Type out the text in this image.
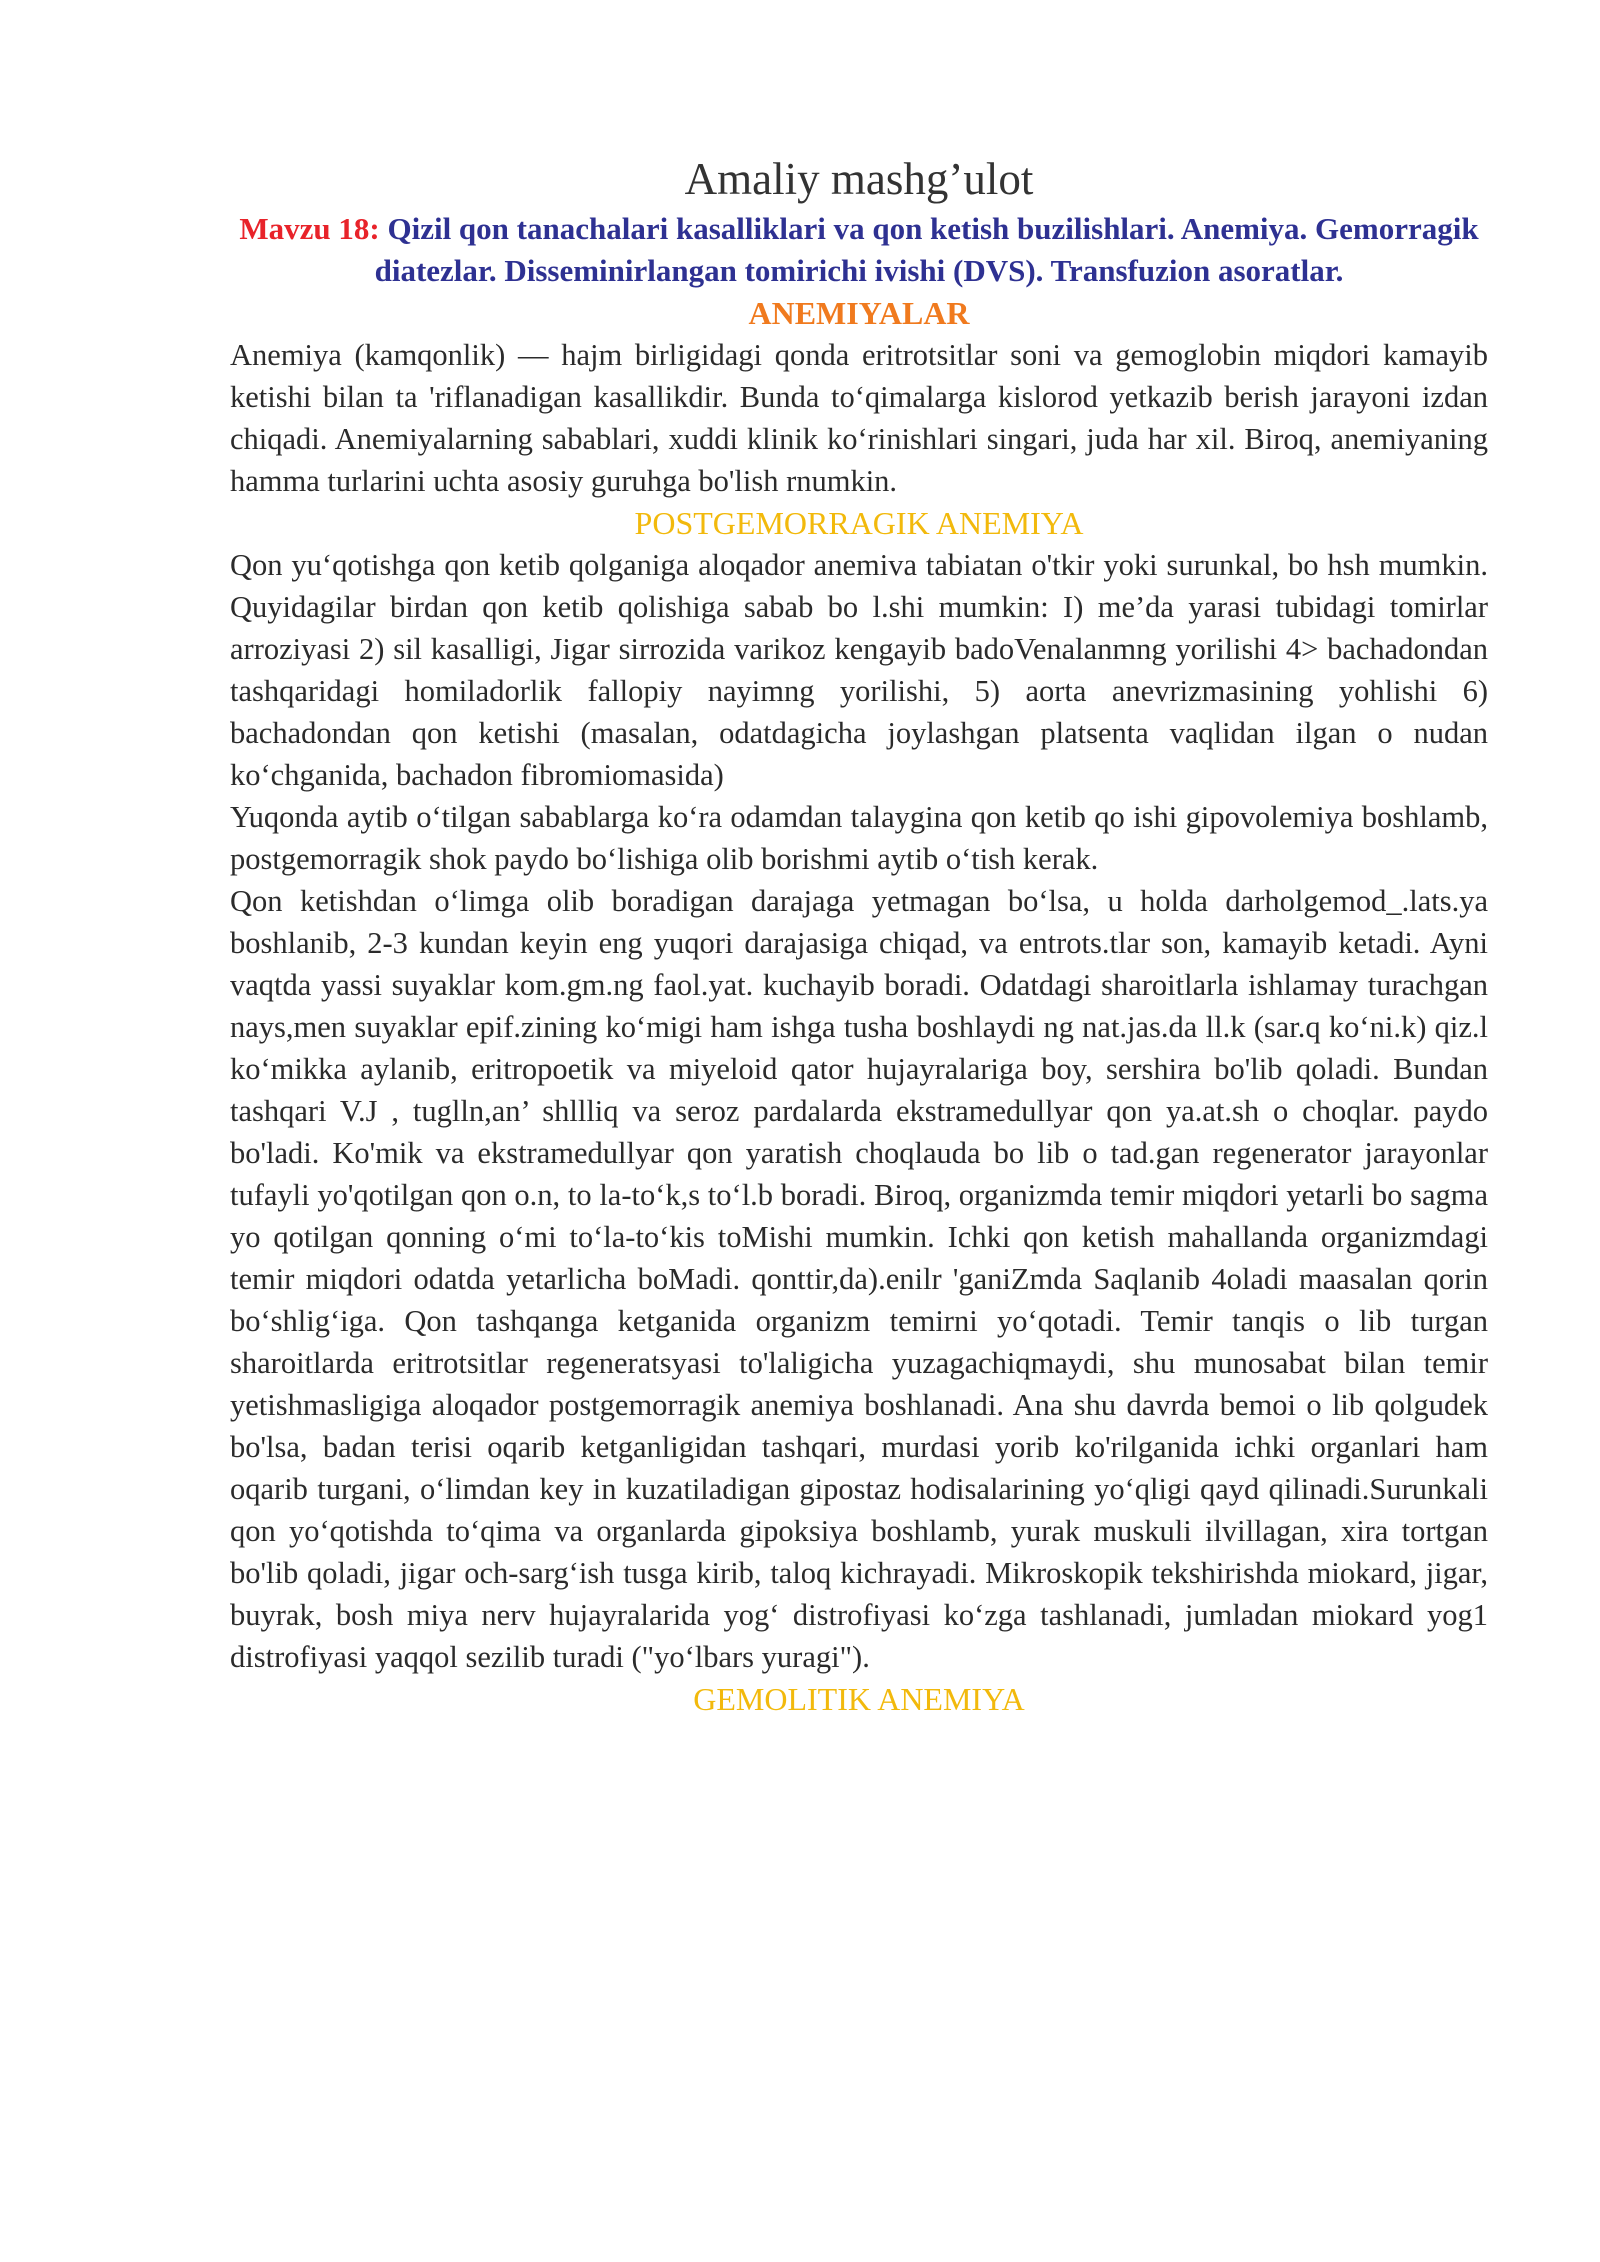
Amaliy mashg’ulot

Mavzu 18: Qizil qon tanachalari kasalliklari va qon ketish buzilishlari. Anemiya. Gemorragik diatezlar. Disseminirlangan tomirichi ivishi (DVS). Transfuzion asoratlar.

ANEMIYALAR

Anemiya (kamqonlik) — hajm birligidagi qonda eritrotsitlar soni va gemoglobin miqdori kamayib ketishi bilan ta 'riflanadigan kasallikdir. Bunda to‘qimalarga kislorod yetkazib berish jarayoni izdan chiqadi. Anemiyalarning sabablari, xuddi klinik ko‘rinishlari singari, juda har xil. Biroq, anemiyaning hamma turlarini uchta asosiy guruhga bo'lish rnumkin.

POSTGEMORRAGIK ANEMIYA

Qon yu‘qotishga qon ketib qolganiga aloqador anemiva tabiatan o'tkir yoki surunkal, bo hsh mumkin. Quyidagilar birdan qon ketib qolishiga sabab bo l.shi mumkin: I) me’da yarasi tubidagi tomirlar arroziyasi 2) sil kasalligi, Jigar sirrozida varikoz kengayib badoVenalanmng yorilishi 4> bachadondan tashqaridagi homiladorlik fallopiy nayimng yorilishi, 5) aorta anevrizmasining yohlishi 6) bachadondan qon ketishi (masalan, odatdagicha joylashgan platsenta vaqlidan ilgan o nudan ko‘chganida, bachadon fibromiomasida)

Yuqonda aytib o‘tilgan sabablarga ko‘ra odamdan talaygina qon ketib qo ishi gipovolemiya boshlamb, postgemorragik shok paydo bo‘lishiga olib borishmi aytib o‘tish kerak.

Qon ketishdan o‘limga olib boradigan darajaga yetmagan bo‘lsa, u holda darholgemod_.lats.ya boshlanib, 2-3 kundan keyin eng yuqori darajasiga chiqad, va entrots.tlar son, kamayib ketadi. Ayni vaqtda yassi suyaklar kom.gm.ng faol.yat. kuchayib boradi. Odatdagi sharoitlarla ishlamay turachgan nays,men suyaklar epif.zining ko‘migi ham ishga tusha boshlaydi ng nat.jas.da ll.k (sar.q ko‘ni.k) qiz.l ko‘mikka aylanib, eritropoetik va miyeloid qator hujayralariga boy, sershira bo'lib qoladi. Bundan tashqari V.J , tuglln,an’ shllliq va seroz pardalarda ekstramedullyar qon ya.at.sh o choqlar. paydo bo'ladi. Ko'mik va ekstramedullyar qon yaratish choqlauda bo lib o tad.gan regenerator jarayonlar tufayli yo'qotilgan qon o.n, to la-to‘k,s to‘l.b boradi. Biroq, organizmda temir miqdori yetarli bo sagma yo qotilgan qonning o‘mi to‘la-to‘kis toMishi mumkin. Ichki qon ketish mahallanda organizmdagi temir miqdori odatda yetarlicha boMadi. qonttir,da).enilr 'ganiZmda Saqlanib 4oladi maasalan qorin bo‘shlig‘iga. Qon tashqanga ketganida organizm temirni yo‘qotadi. Temir tanqis o lib turgan sharoitlarda eritrotsitlar regeneratsyasi to'laligicha yuzagachiqmaydi, shu munosabat bilan temir yetishmasligiga aloqador postgemorragik anemiya boshlanadi. Ana shu davrda bemoi o lib qolgudek bo'lsa, badan terisi oqarib ketganligidan tashqari, murdasi yorib ko'rilganida ichki organlari ham oqarib turgani, o‘limdan key in kuzatiladigan gipostaz hodisalarining yo‘qligi qayd qilinadi.Surunkali qon yo‘qotishda to‘qima va organlarda gipoksiya boshlamb, yurak muskuli ilvillagan, xira tortgan bo'lib qoladi, jigar och-sarg‘ish tusga kirib, taloq kichrayadi. Mikroskopik tekshirishda miokard, jigar, buyrak, bosh miya nerv hujayralarida yog‘ distrofiyasi ko‘zga tashlanadi, jumladan miokard yog1 distrofiyasi yaqqol sezilib turadi ("yo‘lbars yuragi").

GEMOLITIK ANEMIYA
